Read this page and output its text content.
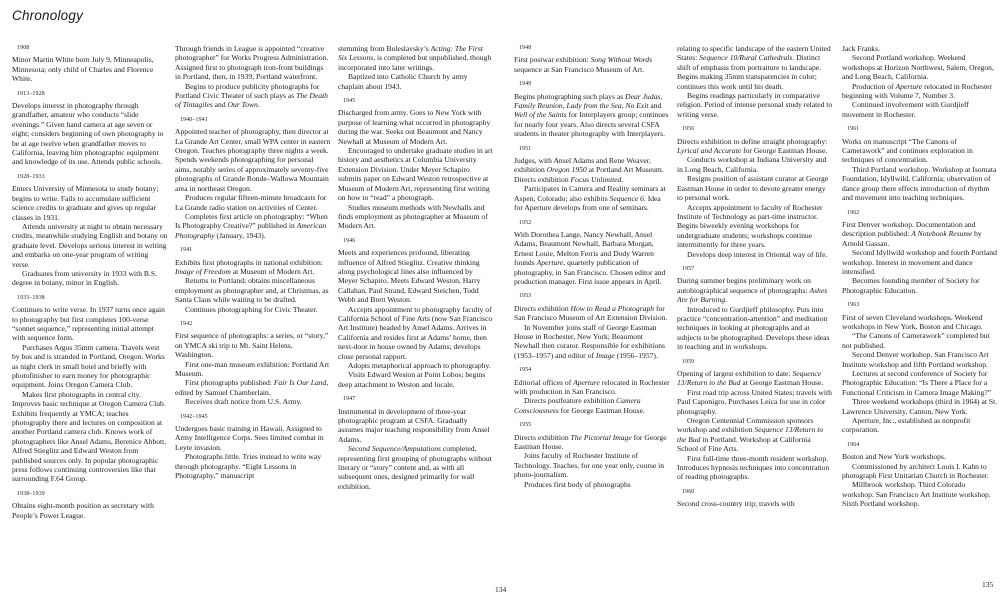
Chronology

1908

Minor Martin White born July 9, Minneapolis, Minnesota; only child of Charles and Florence White.

1913–1928

Develops interest in photography through grandfather, amateur who conducts “slide evenings.” Given hand camera at age seven or eight; considers beginning of own photography to be at age twelve when grandfather moves to California, leaving him photographic equipment and knowledge of its use. Attends public schools.

1928–1933

Enters University of Minnesota to study botany; begins to write. Fails to accumulate sufficient science credits to graduate and gives up regular classes in 1931.

Attends university at night to obtain necessary credits, meanwhile studying English and botany on graduate level. Develops serious interest in writing and embarks on one-year program of writing verse.

Graduates from university in 1933 with B.S. degree in botany, minor in English.

1933–1938

Continues to write verse. In 1937 turns once again to photography but first completes 100-verse “sonnet sequence,” representing initial attempt with sequence form.

Purchases Argus 35mm camera. Travels west by bus and is stranded in Portland, Oregon. Works as night clerk in small hotel and briefly with photofinisher to earn money for photographic equipment. Joins Oregon Camera Club.

Makes first photographs in central city. Improves basic technique at Oregon Camera Club. Exhibits frequently at YMCA; teaches photography there and lectures on composition at another Portland camera club. Knows work of photographers like Ansel Adams, Berenice Abbott, Alfred Stieglitz and Edward Weston from published sources only. In popular photographic press follows continuing controversies like that surrounding F.64 Group.

1938–1939

Obtains eight-month position as secretary with People’s Power League.

Through friends in League is appointed “creative photographer” for Works Progress Administration. Assigned first to photograph iron-front buildings in Portland, then, in 1939, Portland waterfront.

Begins to produce publicity photographs for Portland Civic Theater of such plays as The Death of Tintagiles and Our Town.

1940–1941

Appointed teacher of photography, then director at La Grande Art Center, small WPA center in eastern Oregon. Teaches photography three nights a week. Spends weekends photographing for personal aims, notably series of approximately seventy-five photographs of Grande Ronde–Wallowa Mountain area in northeast Oregon.

Produces regular fifteen-minute broadcasts for La Grande radio station on activities of Center.

Completes first article on photography: “When Is Photography Creative?” published in American Photography (January, 1943).

1941

Exhibits first photographs in national exhibition: Image of Freedom at Museum of Modern Art.

Returns to Portland; obtains miscellaneous employment as photographer and, at Christmas, as Santa Claus while waiting to be drafted.

Continues photographing for Civic Theater.

1942

First sequence of photographs: a series, or “story,” on YMCA ski trip to Mt. Saint Helens, Washington.

First one-man museum exhibition: Portland Art Museum.

First photographs published: Fair Is Our Land, edited by Samuel Chamberlain.

Receives draft notice from U.S. Army.

1942–1945

Undergoes basic training in Hawaii. Assigned to Army Intelligence Corps. Sees limited combat in Leyte invasion.

Photographs little. Tries instead to write way through photography. “Eight Lessons in Photography,” manuscript

stemming from Boleslavsky’s Acting: The First Six Lessons, is completed but unpublished, though incorporated into later writings.

Baptized into Catholic Church by army chaplain about 1943.

1945

Discharged from army. Goes to New York with purpose of learning what occurred in photography during the war. Seeks out Beaumont and Nancy Newhall at Museum of Modern Art.

Encouraged to undertake graduate studies in art history and aesthetics at Columbia University Extension Division. Under Meyer Schapiro submits paper on Edward Weston retrospective at Museum of Modern Art, representing first writing on how to “read” a photograph.

Studies museum methods with Newhalls and finds employment as photographer at Museum of Modern Art.

1946

Meets and experiences profound, liberating influence of Alfred Stieglitz. Creative thinking along psychological lines also influenced by Meyer Schapiro. Meets Edward Weston, Harry Callahan, Paul Strand, Edward Steichen, Todd Webb and Brett Weston.

Accepts appointment to photography faculty of California School of Fine Arts (now San Francisco Art Institute) headed by Ansel Adams. Arrives in California and resides first at Adams’ home, then next-door in house owned by Adams; develops close personal rapport.

Adopts metaphorical approach to photography.

Visits Edward Weston at Point Lobos; begins deep attachment to Weston and locale.

1947

Instrumental in development of three-year photographic program at CSFA. Gradually assumes major teaching responsibility from Ansel Adams.

Second Sequence/Amputations completed, representing first grouping of photographs without literary or “story” content and, as with all subsequent ones, designed primarily for wall exhibition.

1948

First postwar exhibition: Song Without Words sequence at San Francisco Museum of Art.

1949

Begins photographing such plays as Dear Judas, Family Reunion, Lady from the Sea, No Exit and Well of the Saints for Interplayers group; continues for nearly four years. Also directs several CSFA students in theater photography with Interplayers.

1951

Judges, with Ansel Adams and Rene Weaver, exhibition Oregon 1950 at Portland Art Museum. Directs exhibition Focus Unlimited.

Participates in Camera and Reality seminars at Aspen, Colorado; also exhibits Sequence 6. Idea for Aperture develops from one of seminars.

1952

With Dorothea Lange, Nancy Newhall, Ansel Adams, Beaumont Newhall, Barbara Morgan, Ernest Louie, Melton Ferris and Dody Warren founds Aperture, quarterly publication of photography, in San Francisco. Chosen editor and production manager. First issue appears in April.

1953

Directs exhibition How to Read a Photograph for San Francisco Museum of Art Extension Division.

In November joins staff of George Eastman House in Rochester, New York; Beaumont Newhall then curator. Responsible for exhibitions (1953–1957) and editor of Image (1956–1957).

1954

Editorial offices of Aperture relocated in Rochester with production in San Francisco.

Directs postfeature exhibition Camera Consciousness for George Eastman House.

1955

Directs exhibition The Pictorial Image for George Eastman House.

Joins faculty of Rochester Institute of Technology. Teaches, for one year only, course in photo-journalism.

Produces first body of photographs

relating to specific landscape of the eastern United States: Sequence 10/Rural Cathedrals. Distinct shift of emphasis from portraiture to landscape. Begins making 35mm transparencies in color; continues this work until his death.

Begins readings particularly in comparative religion. Period of intense personal study related to writing verse.

1956

Directs exhibition to define straight photography: Lyrical and Accurate for George Eastman House.

Conducts workshop at Indiana University and in Long Beach, California.

Resigns position of assistant curator at George Eastman House in order to devote greater energy to personal work.

Accepts appointment to faculty of Rochester Institute of Technology as part-time instructor. Begins biweekly evening workshops for undergraduate students; workshops continue intermittently for three years.

Develops deep interest in Oriental way of life.

1957

During summer begins preliminary work on autobiographical sequence of photographs: Ashes Are for Burning.

Introduced to Gurdjieff philosophy. Puts into practice “concentration-attention” and meditation techniques in looking at photographs and at subjects to be photographed. Develops these ideas in teaching and in workshops.

1959

Opening of largest exhibition to date: Sequence 13/Return to the Bud at George Eastman House.

First road trip across United States; travels with Paul Caponigro. Purchases Leica for use in color photography.

Oregon Centennial Commission sponsors workshop and exhibition Sequence 13/Return to the Bud in Portland. Workshop at California School of Fine Arts.

First full-time three-month resident workshop. Introduces hypnosis techniques into concentration of reading photographs.

1960

Second cross-country trip; travels with

Jack Franks.

Second Portland workshop. Weekend workshops at Horizon Northwest, Salem, Oregon, and Long Beach, California.

Production of Aperture relocated in Rochester beginning with Volume 7, Number 3.

Continued involvement with Gurdjieff movement in Rochester.

1961

Works on manuscript “The Canons of Camerawork” and continues exploration in techniques of concentration.

Third Portland workshop. Workshop at Isomata Foundation, Idyllwild, California; observation of dance group there effects introduction of rhythm and movement into teaching techniques.

1962

First Denver workshop. Documentation and description published: A Notebook Resume by Arnold Gassan.

Second Idyllwild workshop and fourth Portland workshop. Interest in movement and dance intensified.

Becomes founding member of Society for Photographic Education.

1963

First of seven Cleveland workshops. Weekend workshops in New York, Boston and Chicago.

“The Canons of Camerawork” completed but not published.

Second Denver workshop. San Francisco Art Institute workshop and fifth Portland workshop.

Lectures at second conference of Society for Photographic Education: “Is There a Place for a Functional Criticism in Camera Image Making?”

Three weekend workshops (third in 1964) at St. Lawrence University, Canton, New York.

Aperture, Inc., established as nonprofit corporation.

1964

Boston and New York workshops.

Commissioned by architect Louis I. Kahn to photograph First Unitarian Church in Rochester.

Millbrook workshop. Third Colorado workshop. San Francisco Art Institute workshop. Sixth Portland workshop.

134
135
